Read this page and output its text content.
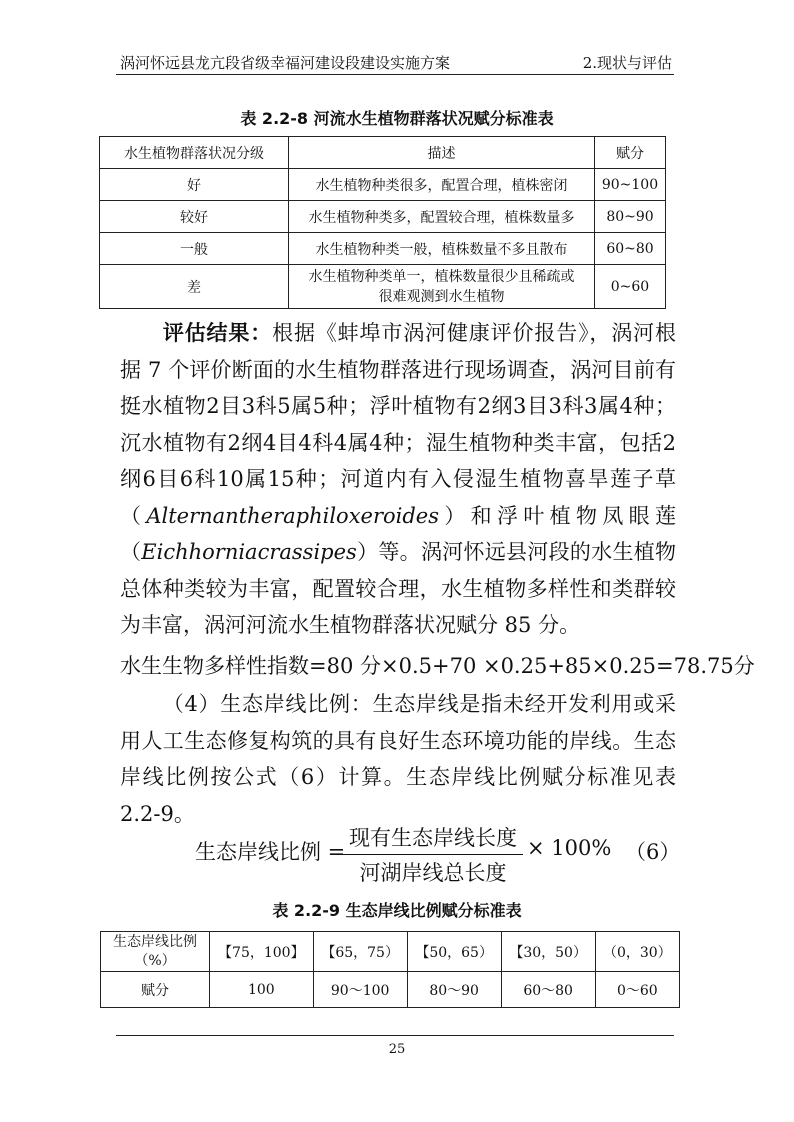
涡河怀远县龙亢段省级幸福河建设段建设实施方案	2.现状与评估
表 2.2-8 河流水生植物群落状况赋分标准表
水生植物群落状况分级	描述	赋分
好	水生植物种类很多，配置合理，植株密闭	90~100
较好	水生植物种类多，配置较合理，植株数量多	80~90
一般	水生植物种类一般，植株数量不多且散布	60~80
差	水生植物种类单一，植株数量很少且稀疏或很难观测到水生植物	0~60

评估结果：根据《蚌埠市涡河健康评价报告》，涡河根据 7 个评价断面的水生植物群落进行现场调查，涡河目前有挺水植物2目3科5属5种；浮叶植物有2纲3目3科3属4种；沉水植物有2纲4目4科4属4种；湿生植物种类丰富，包括2纲6目6科10属15种；河道内有入侵湿生植物喜旱莲子草（Alternantheraphiloxeroides）和浮叶植物凤眼莲（Eichhorniacrassipes）等。涡河怀远县河段的水生植物总体种类较为丰富，配置较合理，水生植物多样性和类群较为丰富，涡河河流水生植物群落状况赋分 85 分。

水生生物多样性指数=80 分×0.5+70 ×0.25+85×0.25=78.75分

（4）生态岸线比例：生态岸线是指未经开发利用或采用人工生态修复构筑的具有良好生态环境功能的岸线。生态岸线比例按公式（6）计算。生态岸线比例赋分标准见表 2.2-9。

生态岸线比例 =
现有生态岸线长度
河湖岸线总长度
× 100% （6）
表 2.2-9 生态岸线比例赋分标准表
生态岸线比例（%）	【75，100】	【65，75）	【50，65）	【30，50）	（0，30）
赋分	100	90～100	80～90	60～80	0～60
25
